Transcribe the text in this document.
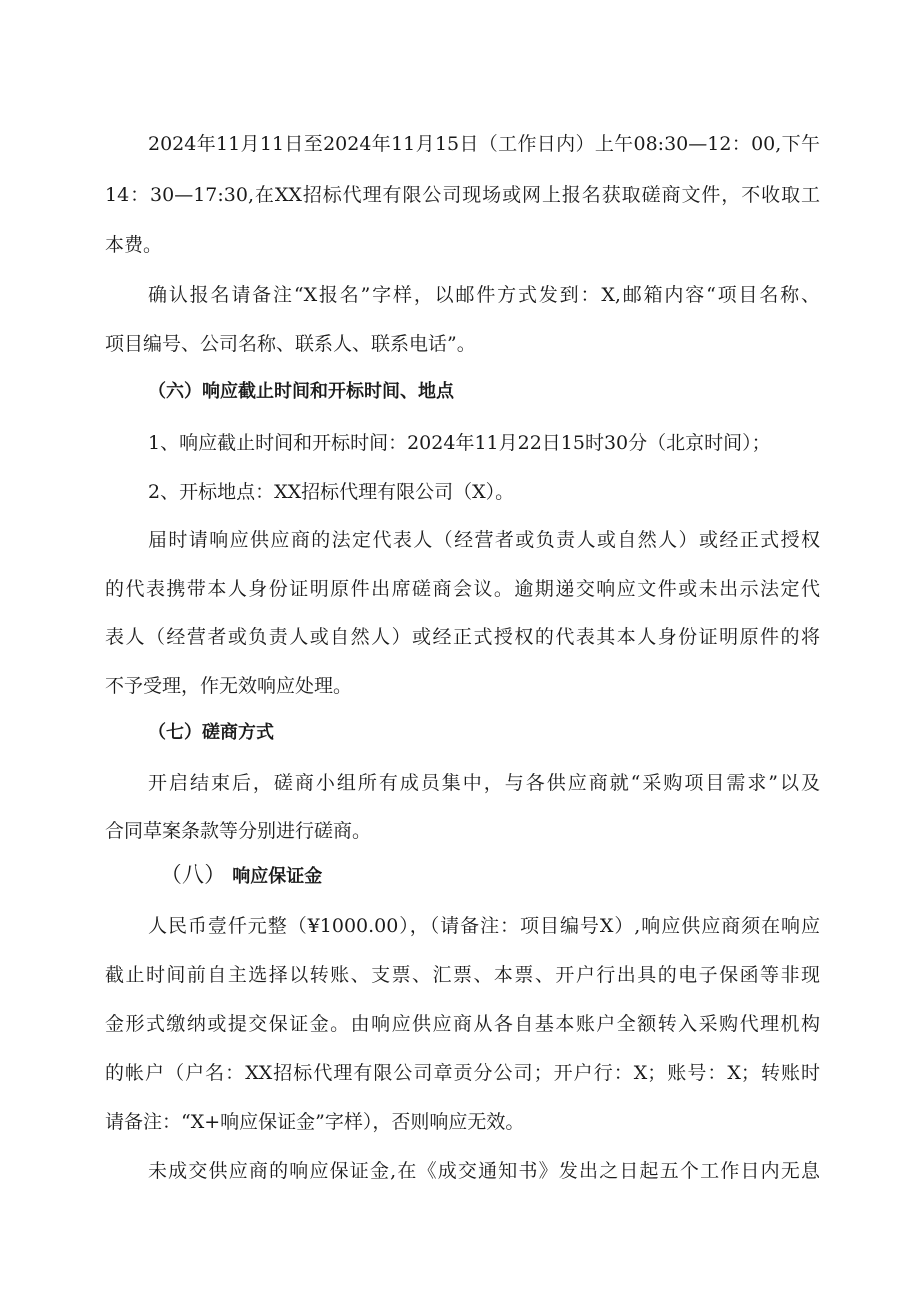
2024年11月11日至2024年11月15日（工作日内）上午08:30—12：00,下午
14：30—17:30,在XX招标代理有限公司现场或网上报名获取磋商文件，不收取工
本费。
确认报名请备注“X报名”字样，以邮件方式发到：X,邮箱内容“项目名称、
项目编号、公司名称、联系人、联系电话”。
（六）响应截止时间和开标时间、地点
1、响应截止时间和开标时间：2024年11月22日15时30分（北京时间）；
2、开标地点：XX招标代理有限公司（X）。
届时请响应供应商的法定代表人（经营者或负责人或自然人）或经正式授权
的代表携带本人身份证明原件出席磋商会议。逾期递交响应文件或未出示法定代
表人（经营者或负责人或自然人）或经正式授权的代表其本人身份证明原件的将
不予受理，作无效响应处理。
（七）磋商方式
开启结束后，磋商小组所有成员集中，与各供应商就“采购项目需求”以及
合同草案条款等分别进行磋商。
（八） 响应保证金
人民币壹仟元整（¥1000.00），（请备注：项目编号X）,响应供应商须在响应
截止时间前自主选择以转账、支票、汇票、本票、开户行出具的电子保函等非现
金形式缴纳或提交保证金。由响应供应商从各自基本账户全额转入采购代理机构
的帐户（户名：XX招标代理有限公司章贡分公司；开户行：X；账号：X；转账时
请备注：“X+响应保证金”字样），否则响应无效。
未成交供应商的响应保证金,在《成交通知书》发出之日起五个工作日内无息
